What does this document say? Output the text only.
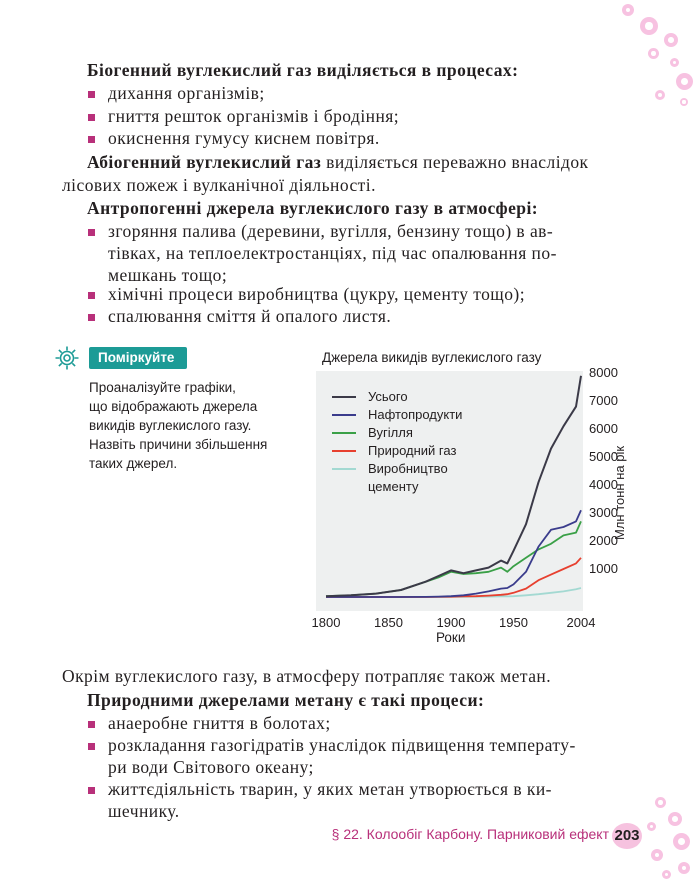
Біогенний вуглекислий газ виділяється в процесах:
дихання організмів;
гниття решток організмів і бродіння;
окиснення гумусу киснем повітря.
Абіогенний вуглекислий газ виділяється переважно внаслідок
лісових пожеж і вулканічної діяльності.
Антропогенні джерела вуглекислого газу в атмосфері:
згоряння палива (деревини, вугілля, бензину тощо) в ав-
тівках, на теплоелектростанціях, під час опалювання по-
мешкань тощо;
хімічні процеси виробництва (цукру, цементу тощо);
спалювання сміття й опалого листя.
Поміркуйте
Проаналізуйте графіки,
що відображають джерела
викидів вуглекислого газу.
Назвіть причини збільшення
таких джерел.
Джерела викидів вуглекислого газу
1800	1850	1900	1950	2004
1000
2000
3000
4000
5000
6000
7000
8000
Млн тонн на рік
Усього
Нафтопродукти
Вугілля
Природний газ
Виробництво
цементу
Роки
Окрім вуглекислого газу, в атмосферу потрапляє також метан.
Природними джерелами метану є такі процеси:
анаеробне гниття в болотах;
розкладання газогідратів унаслідок підвищення температу-
ри води Світового океану;
життєдіяльність тварин, у яких метан утворюється в ки-
шечнику.
§ 22. Колообіг Карбону. Парниковий ефект 203
